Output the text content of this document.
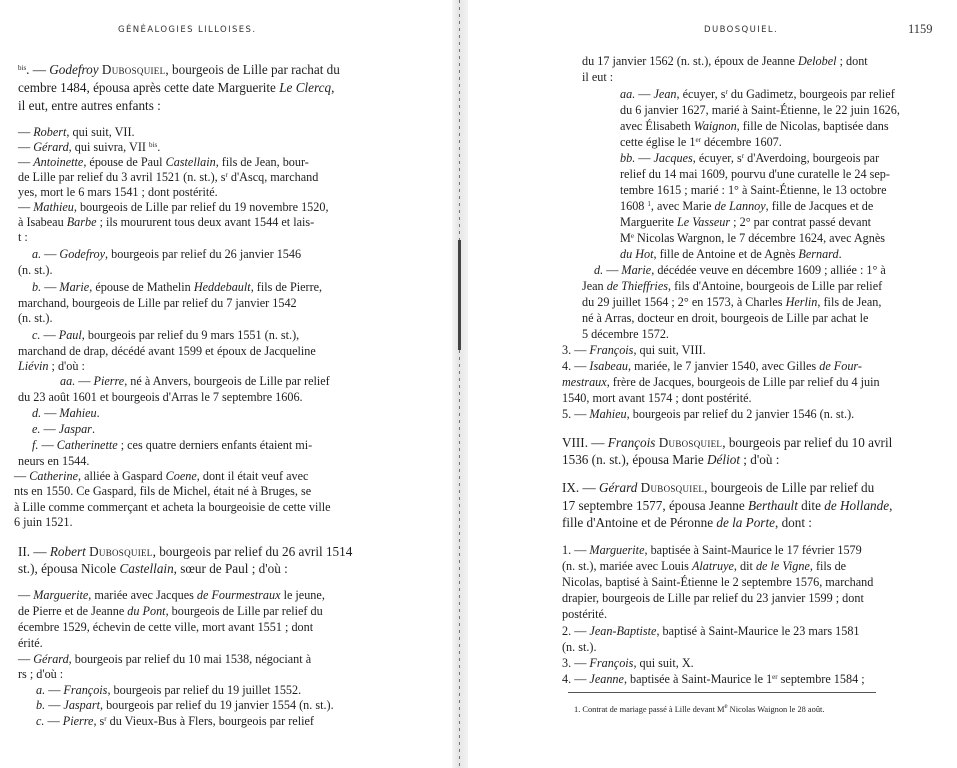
GÉNÉALOGIES LILLOISES.
$^{bis}$. — Godefroy Dubosquiel, bourgeois de Lille par rachat du
cembre 1484, épousa après cette date Marguerite Le Clercq,
il eut, entre autres enfants :
— Robert, qui suit, VII.
— Gérard, qui suivra, VII $^{bis}$.
— Antoinette, épouse de Paul Castellain, fils de Jean, bour-
de Lille par relief du 3 avril 1521 (n. st.), $s^r$ d'Ascq, marchand
yes, mort le 6 mars 1541 ; dont postérité.
— Mathieu, bourgeois de Lille par relief du 19 novembre 1520,
à Isabeau Barbe ; ils moururent tous deux avant 1544 et lais-
t :
a. — Godefroy, bourgeois par relief du 26 janvier 1546
(n. st.).
b. — Marie, épouse de Mathelin Heddebault, fils de Pierre,
marchand, bourgeois de Lille par relief du 7 janvier 1542
(n. st.).
c. — Paul, bourgeois par relief du 9 mars 1551 (n. st.),
marchand de drap, décédé avant 1599 et époux de Jacqueline
Liévin ; d'où :
aa. — Pierre, né à Anvers, bourgeois de Lille par relief
du 23 août 1601 et bourgeois d'Arras le 7 septembre 1606.
d. — Mahieu.
e. — Jaspar.
f. — Catherinette ; ces quatre derniers enfants étaient mi-
neurs en 1544.
— Catherine, alliée à Gaspard Coene, dont il était veuf avec
nts en 1550. Ce Gaspard, fils de Michel, était né à Bruges, se
à Lille comme commerçant et acheta la bourgeoisie de cette ville
6 juin 1521.
II. — Robert Dubosquiel, bourgeois par relief du 26 avril 1514
st.), épousa Nicole Castellain, sœur de Paul ; d'où :
— Marguerite, mariée avec Jacques de Fourmestraux le jeune,
de Pierre et de Jeanne du Pont, bourgeois de Lille par relief du
écembre 1529, échevin de cette ville, mort avant 1551 ; dont
érité.
— Gérard, bourgeois par relief du 10 mai 1538, négociant à
rs ; d'où :
a. — François, bourgeois par relief du 19 juillet 1552.
b. — Jaspart, bourgeois par relief du 19 janvier 1554 (n. st.).
c. — Pierre, $s^r$ du Vieux-Bus à Flers, bourgeois par relief
DUBOSQUIEL.	1159
du 17 janvier 1562 (n. st.), époux de Jeanne Delobel ; dont
il eut :
aa. — Jean, écuyer, $s^r$ du Gadimetz, bourgeois par relief
du 6 janvier 1627, marié à Saint-Étienne, le 22 juin 1626,
avec Élisabeth Waignon, fille de Nicolas, baptisée dans
cette église le 1er décembre 1607.
bb. — Jacques, écuyer, $s^r$ d'Averdoing, bourgeois par
relief du 14 mai 1609, pourvu d'une curatelle le 24 sep-
tembre 1615 ; marié : 1° à Saint-Étienne, le 13 octobre
1608 $^1$, avec Marie de Lannoy, fille de Jacques et de
Marguerite Le Vasseur ; 2° par contrat passé devant
Me Nicolas Wargnon, le 7 décembre 1624, avec Agnès
du Hot, fille de Antoine et de Agnès Bernard.
d. — Marie, décédée veuve en décembre 1609 ; alliée : 1° à
Jean de Thieffries, fils d'Antoine, bourgeois de Lille par relief
du 29 juillet 1564 ; 2° en 1573, à Charles Herlin, fils de Jean,
né à Arras, docteur en droit, bourgeois de Lille par achat le
5 décembre 1572.
3. — François, qui suit, VIII.
4. — Isabeau, mariée, le 7 janvier 1540, avec Gilles de Four-
mestraux, frère de Jacques, bourgeois de Lille par relief du 4 juin
1540, mort avant 1574 ; dont postérité.
5. — Mahieu, bourgeois par relief du 2 janvier 1546 (n. st.).
VIII. — François Dubosquiel, bourgeois par relief du 10 avril
1536 (n. st.), épousa Marie Déliot ; d'où :
IX. — Gérard Dubosquiel, bourgeois de Lille par relief du
17 septembre 1577, épousa Jeanne Berthault dite de Hollande,
fille d'Antoine et de Péronne de la Porte, dont :
1. — Marguerite, baptisée à Saint-Maurice le 17 février 1579
(n. st.), mariée avec Louis Alatruye, dit de le Vigne, fils de
Nicolas, baptisé à Saint-Étienne le 2 septembre 1576, marchand
drapier, bourgeois de Lille par relief du 23 janvier 1599 ; dont
postérité.
2. — Jean-Baptiste, baptisé à Saint-Maurice le 23 mars 1581
(n. st.).
3. — François, qui suit, X.
4. — Jeanne, baptisée à Saint-Maurice le 1er septembre 1584 ;
1. Contrat de mariage passé à Lille devant Me Nicolas Waignon le 28 août.
